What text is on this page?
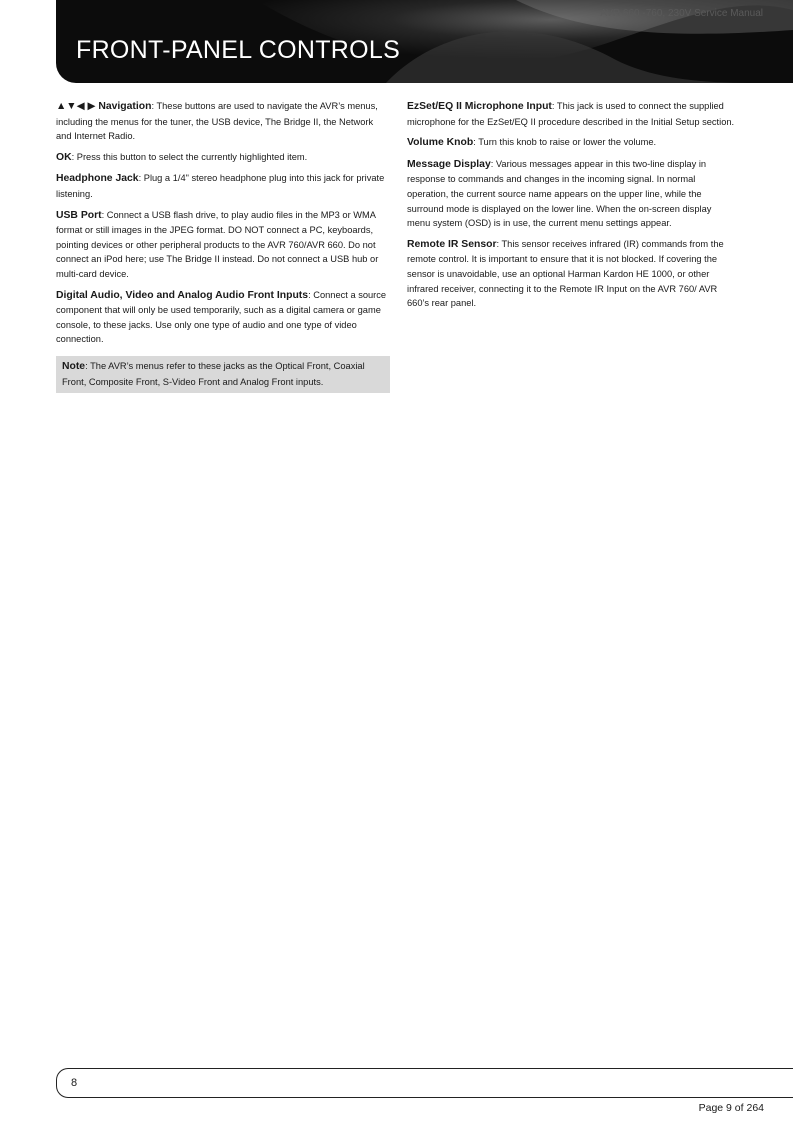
AVR 660 -760, 230V Service Manual
FRONT-PANEL CONTROLS

▲▼◀ ▶ Navigation: These buttons are used to navigate the AVR’s menus, including the menus for the tuner, the USB device, The Bridge II, the Network and Internet Radio.

OK: Press this button to select the currently highlighted item.

Headphone Jack: Plug a 1/4" stereo headphone plug into this jack for private listening.

USB Port: Connect a USB flash drive, to play audio files in the MP3 or WMA format or still images in the JPEG format. DO NOT connect a PC, keyboards, pointing devices or other peripheral products to the AVR 760/AVR 660. Do not connect an iPod here; use The Bridge II instead. Do not connect a USB hub or multi-card device.

Digital Audio, Video and Analog Audio Front Inputs: Connect a source component that will only be used temporarily, such as a digital camera or game console, to these jacks. Use only one type of audio and one type of video connection.

Note: The AVR’s menus refer to these jacks as the Optical Front, Coaxial Front, Composite Front, S-Video Front and Analog Front inputs.

EzSet/EQ II Microphone Input: This jack is used to connect the supplied microphone for the EzSet/EQ II procedure described in the Initial Setup section.

Volume Knob: Turn this knob to raise or lower the volume.

Message Display: Various messages appear in this two-line display in response to commands and changes in the incoming signal. In normal operation, the current source name appears on the upper line, while the surround mode is displayed on the lower line. When the on-screen display menu system (OSD) is in use, the current menu settings appear.

Remote IR Sensor: This sensor receives infrared (IR) commands from the remote control. It is important to ensure that it is not blocked. If covering the sensor is unavoidable, use an optional Harman Kardon HE 1000, or other infrared receiver, connecting it to the Remote IR Input on the AVR 760/ AVR 660’s rear panel.

8
Page 9 of 264
